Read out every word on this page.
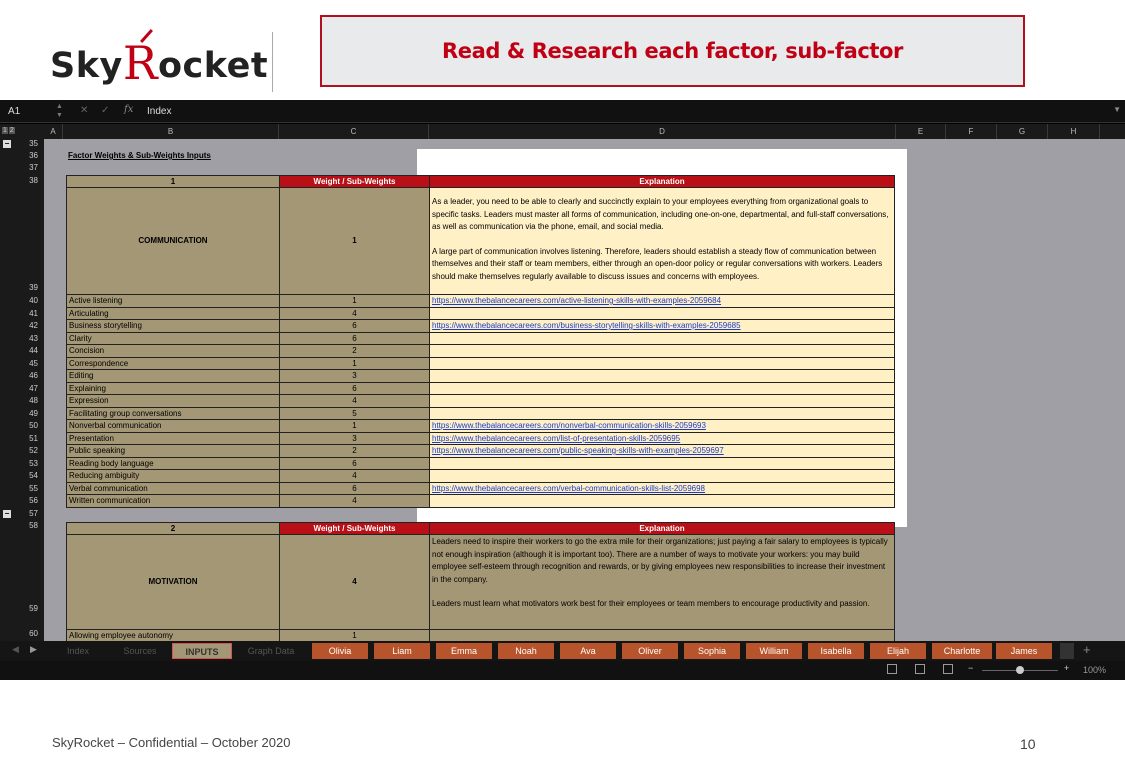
SkyRocket	Read & Research each factor, sub-factor
A1	▲
▼ ✕ ✓ fx Index	▼
1 2	A	B	C	D	E	F	G	H
35
36
37
38
39
40
41
42
43
44
45
46
47
48
49
50
51
52
53
54
55
56
57
58
59
60
−
−
Factor Weights & Sub-Weights Inputs
1	Weight / Sub-Weights	Explanation
COMMUNICATION	1
As a leader, you need to be able to clearly and succinctly explain to your employees everything from organizational goals to specific tasks. Leaders must master all forms of communication, including one-on-one, departmental, and full-staff conversations, as well as communication via the phone, email, and social media.
A large part of communication involves listening. Therefore, leaders should establish a steady flow of communication between themselves and their staff or team members, either through an open-door policy or regular conversations with workers. Leaders should make themselves regularly available to discuss issues and concerns with employees.
Active listening	1	https://www.thebalancecareers.com/active-listening-skills-with-examples-2059684
Articulating	4
Business storytelling	6	https://www.thebalancecareers.com/business-storytelling-skills-with-examples-2059685
Clarity	6
Concision	2
Correspondence	1
Editing	3
Explaining	6
Expression	4
Facilitating group conversations	5
Nonverbal communication	1	https://www.thebalancecareers.com/nonverbal-communication-skills-2059693
Presentation	3	https://www.thebalancecareers.com/list-of-presentation-skills-2059695
Public speaking	2	https://www.thebalancecareers.com/public-speaking-skills-with-examples-2059697
Reading body language	6
Reducing ambiguity	4
Verbal communication	6	https://www.thebalancecareers.com/verbal-communication-skills-list-2059698
Written communication	4
2	Weight / Sub-Weights	Explanation
MOTIVATION	4
Leaders need to inspire their workers to go the extra mile for their organizations; just paying a fair salary to employees is typically not enough inspiration (although it is important too). There are a number of ways to motivate your workers: you may build employee self-esteem through recognition and rewards, or by giving employees new responsibilities to increase their investment in the company.
Leaders must learn what motivators work best for their employees or team members to encourage productivity and passion.
Allowing employee autonomy	1
◀ ▶	Index	Sources	INPUTS	Graph Data	Olivia	Liam	Emma	Noah	Ava	Oliver	Sophia	William	Isabella	Elijah	Charlotte	James	+
−	+ 100%
SkyRocket – Confidential – October 2020	10
